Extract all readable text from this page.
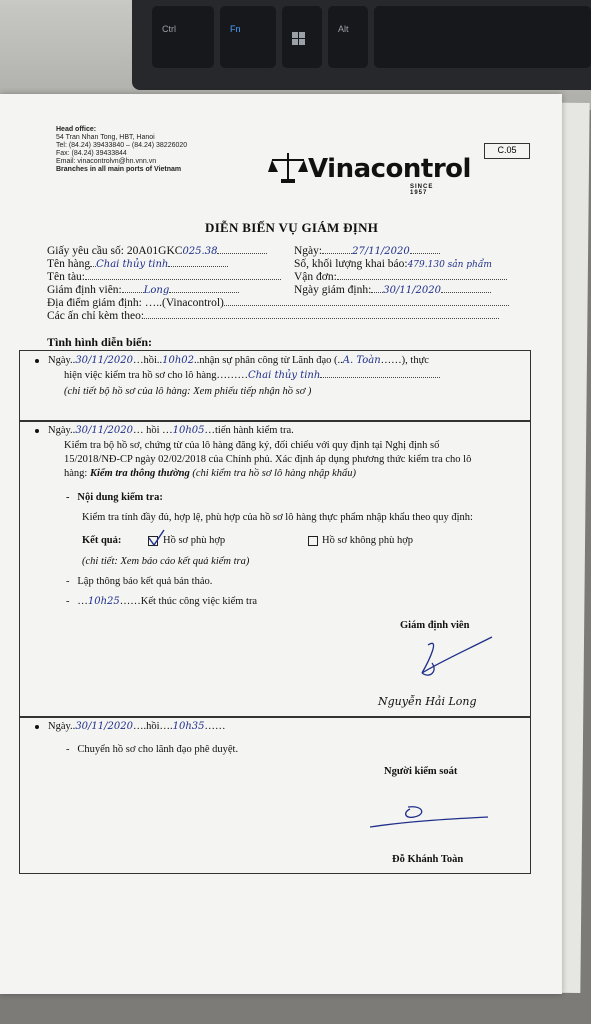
Ctrl	Fn	Alt
Head office:
54 Tran Nhan Tong, HBT, Hanoi
Tel: (84.24) 39433840 – (84.24) 38226020
Fax: (84.24) 39433844
Email: vinacontrolvn@hn.vnn.vn
Branches in all main ports of Vietnam
C.05
Vinacontrol
SINCE 1957
DIỄN BIẾN VỤ GIÁM ĐỊNH
Giấy yêu cầu số: 20A01GKC025.38	Ngày:	27/11/2020
Tên hàng Chai thủy tinh	Số, khối lượng khai báo:479.130 sản phẩm
Tên tàu:	Vận đơn:
Giám định viên: Long	Ngày giám định: 30/11/2020
Địa điểm giám định: …..(Vinacontrol)
Các ấn chỉ kèm theo:
Tình hình diễn biến:
Ngày..30/11/2020…hồi..10h02..nhận sự phân công từ Lãnh đạo (..A. Toàn……), thực
hiện việc kiểm tra hồ sơ cho lô hàng………Chai thủy tinh
(chi tiết bộ hồ sơ của lô hàng: Xem phiếu tiếp nhận hồ sơ )
Ngày..30/11/2020… hồi …10h05…tiến hành kiểm tra.
Kiểm tra bộ hồ sơ, chứng từ của lô hàng đăng ký, đối chiếu với quy định tại Nghị định số
15/2018/NĐ-CP ngày 02/02/2018 của Chính phủ. Xác định áp dụng phương thức kiểm tra cho lô
hàng: Kiểm tra thông thường (chi kiểm tra hồ sơ lô hàng nhập khẩu)
-   Nội dung kiểm tra:
Kiểm tra tính đầy đủ, hợp lệ, phù hợp của hồ sơ lô hàng thực phẩm nhập khẩu theo quy định:
Kết quả:	Hồ sơ phù hợp	Hồ sơ không phù hợp
(chi tiết: Xem báo cáo kết quả kiểm tra)
-   Lập thông báo kết quả bản thảo.
-   …10h25……Kết thúc công việc kiểm tra
Giám định viên
Nguyễn Hải Long
Ngày..30/11/2020….hồi….10h35……
-   Chuyển hồ sơ cho lãnh đạo phê duyệt.
Người kiểm soát
Đỗ Khánh Toàn
